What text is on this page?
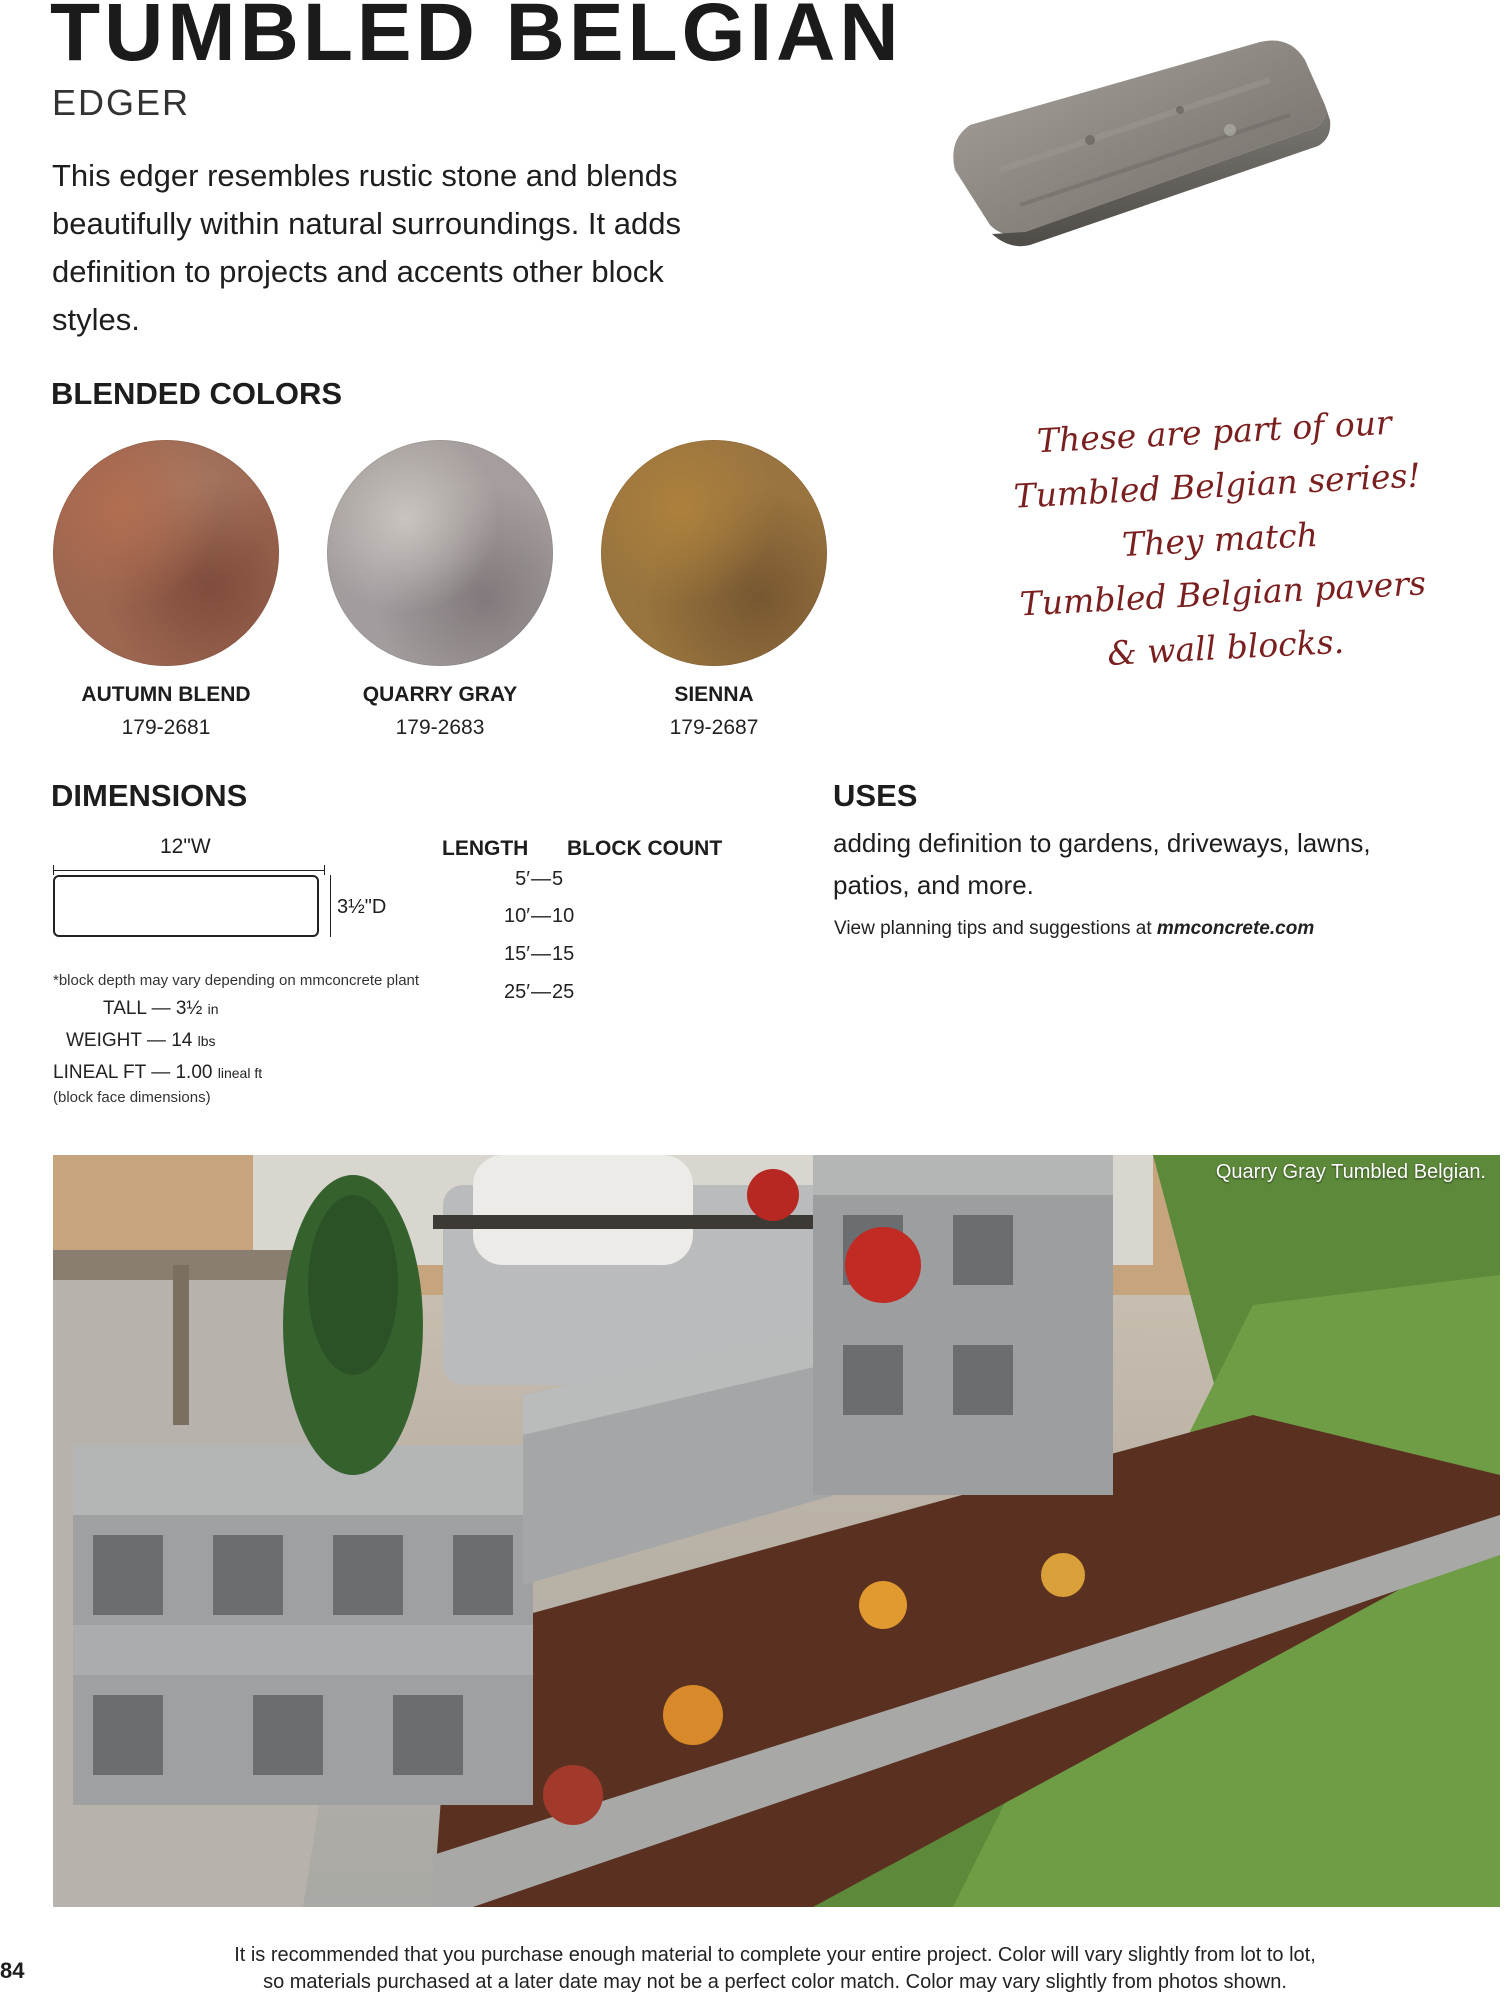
TUMBLED BELGIAN
EDGER
This edger resembles rustic stone and blends beautifully within natural surroundings. It adds definition to projects and accents other block styles.
BLENDED COLORS
AUTUMN BLEND
179-2681
QUARRY GRAY
179-2683
SIENNA
179-2687
These are part of our
Tumbled Belgian series!
They match
Tumbled Belgian pavers
& wall blocks.
DIMENSIONS
12"W
3½"D
*block depth may vary depending on mmconcrete plant
TALL — 3½ in
WEIGHT — 14 lbs
LINEAL FT — 1.00 lineal ft
(block face dimensions)
LENGTH BLOCK COUNT
5′—5
10′—10
15′—15
25′—25
USES
adding definition to gardens, driveways, lawns, patios, and more.
View planning tips and suggestions at mmconcrete.com
Quarry Gray Tumbled Belgian.
84
It is recommended that you purchase enough material to complete your entire project. Color will vary slightly from lot to lot,
so materials purchased at a later date may not be a perfect color match. Color may vary slightly from photos shown.
